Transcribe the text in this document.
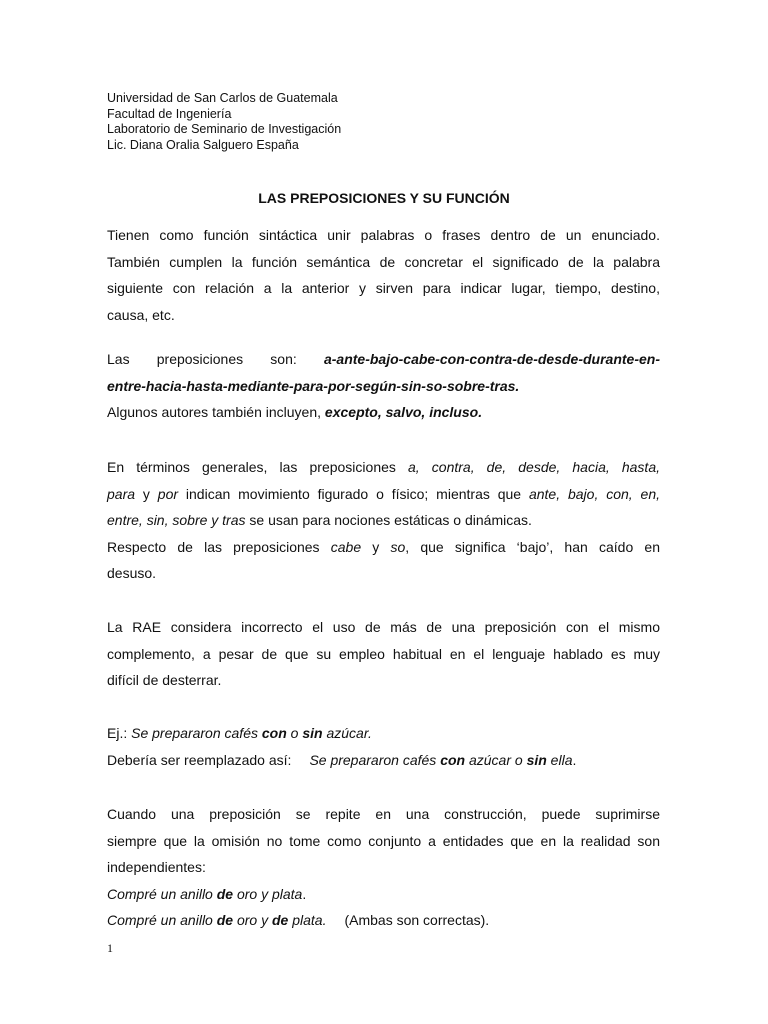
Universidad de San Carlos de Guatemala
Facultad de Ingeniería
Laboratorio de Seminario de Investigación
Lic. Diana Oralia Salguero España
LAS PREPOSICIONES Y SU FUNCIÓN
Tienen como función sintáctica unir palabras o frases dentro de un enunciado.
También cumplen la función semántica de concretar el significado de la palabra
siguiente con relación a la anterior y sirven para indicar lugar, tiempo, destino,
causa, etc.
Las preposiciones son: a-ante-bajo-cabe-con-contra-de-desde-durante-en-
entre-hacia-hasta-mediante-para-por-según-sin-so-sobre-tras.
Algunos autores también incluyen, excepto, salvo, incluso.
En términos generales, las preposiciones a, contra, de, desde, hacia, hasta,
para y por indican movimiento figurado o físico; mientras que ante, bajo, con, en,
entre, sin, sobre y tras se usan para nociones estáticas o dinámicas.
Respecto de las preposiciones cabe y so, que significa ‘bajo’, han caído en
desuso.
La RAE considera incorrecto el uso de más de una preposición con el mismo
complemento, a pesar de que su empleo habitual en el lenguaje hablado es muy
difícil de desterrar.
Ej.: Se prepararon cafés con o sin azúcar.
Debería ser reemplazado así: Se prepararon cafés con azúcar o sin ella.
Cuando una preposición se repite en una construcción, puede suprimirse
siempre que la omisión no tome como conjunto a entidades que en la realidad son
independientes:
Compré un anillo de oro y plata.
Compré un anillo de oro y de plata. (Ambas son correctas).
1
